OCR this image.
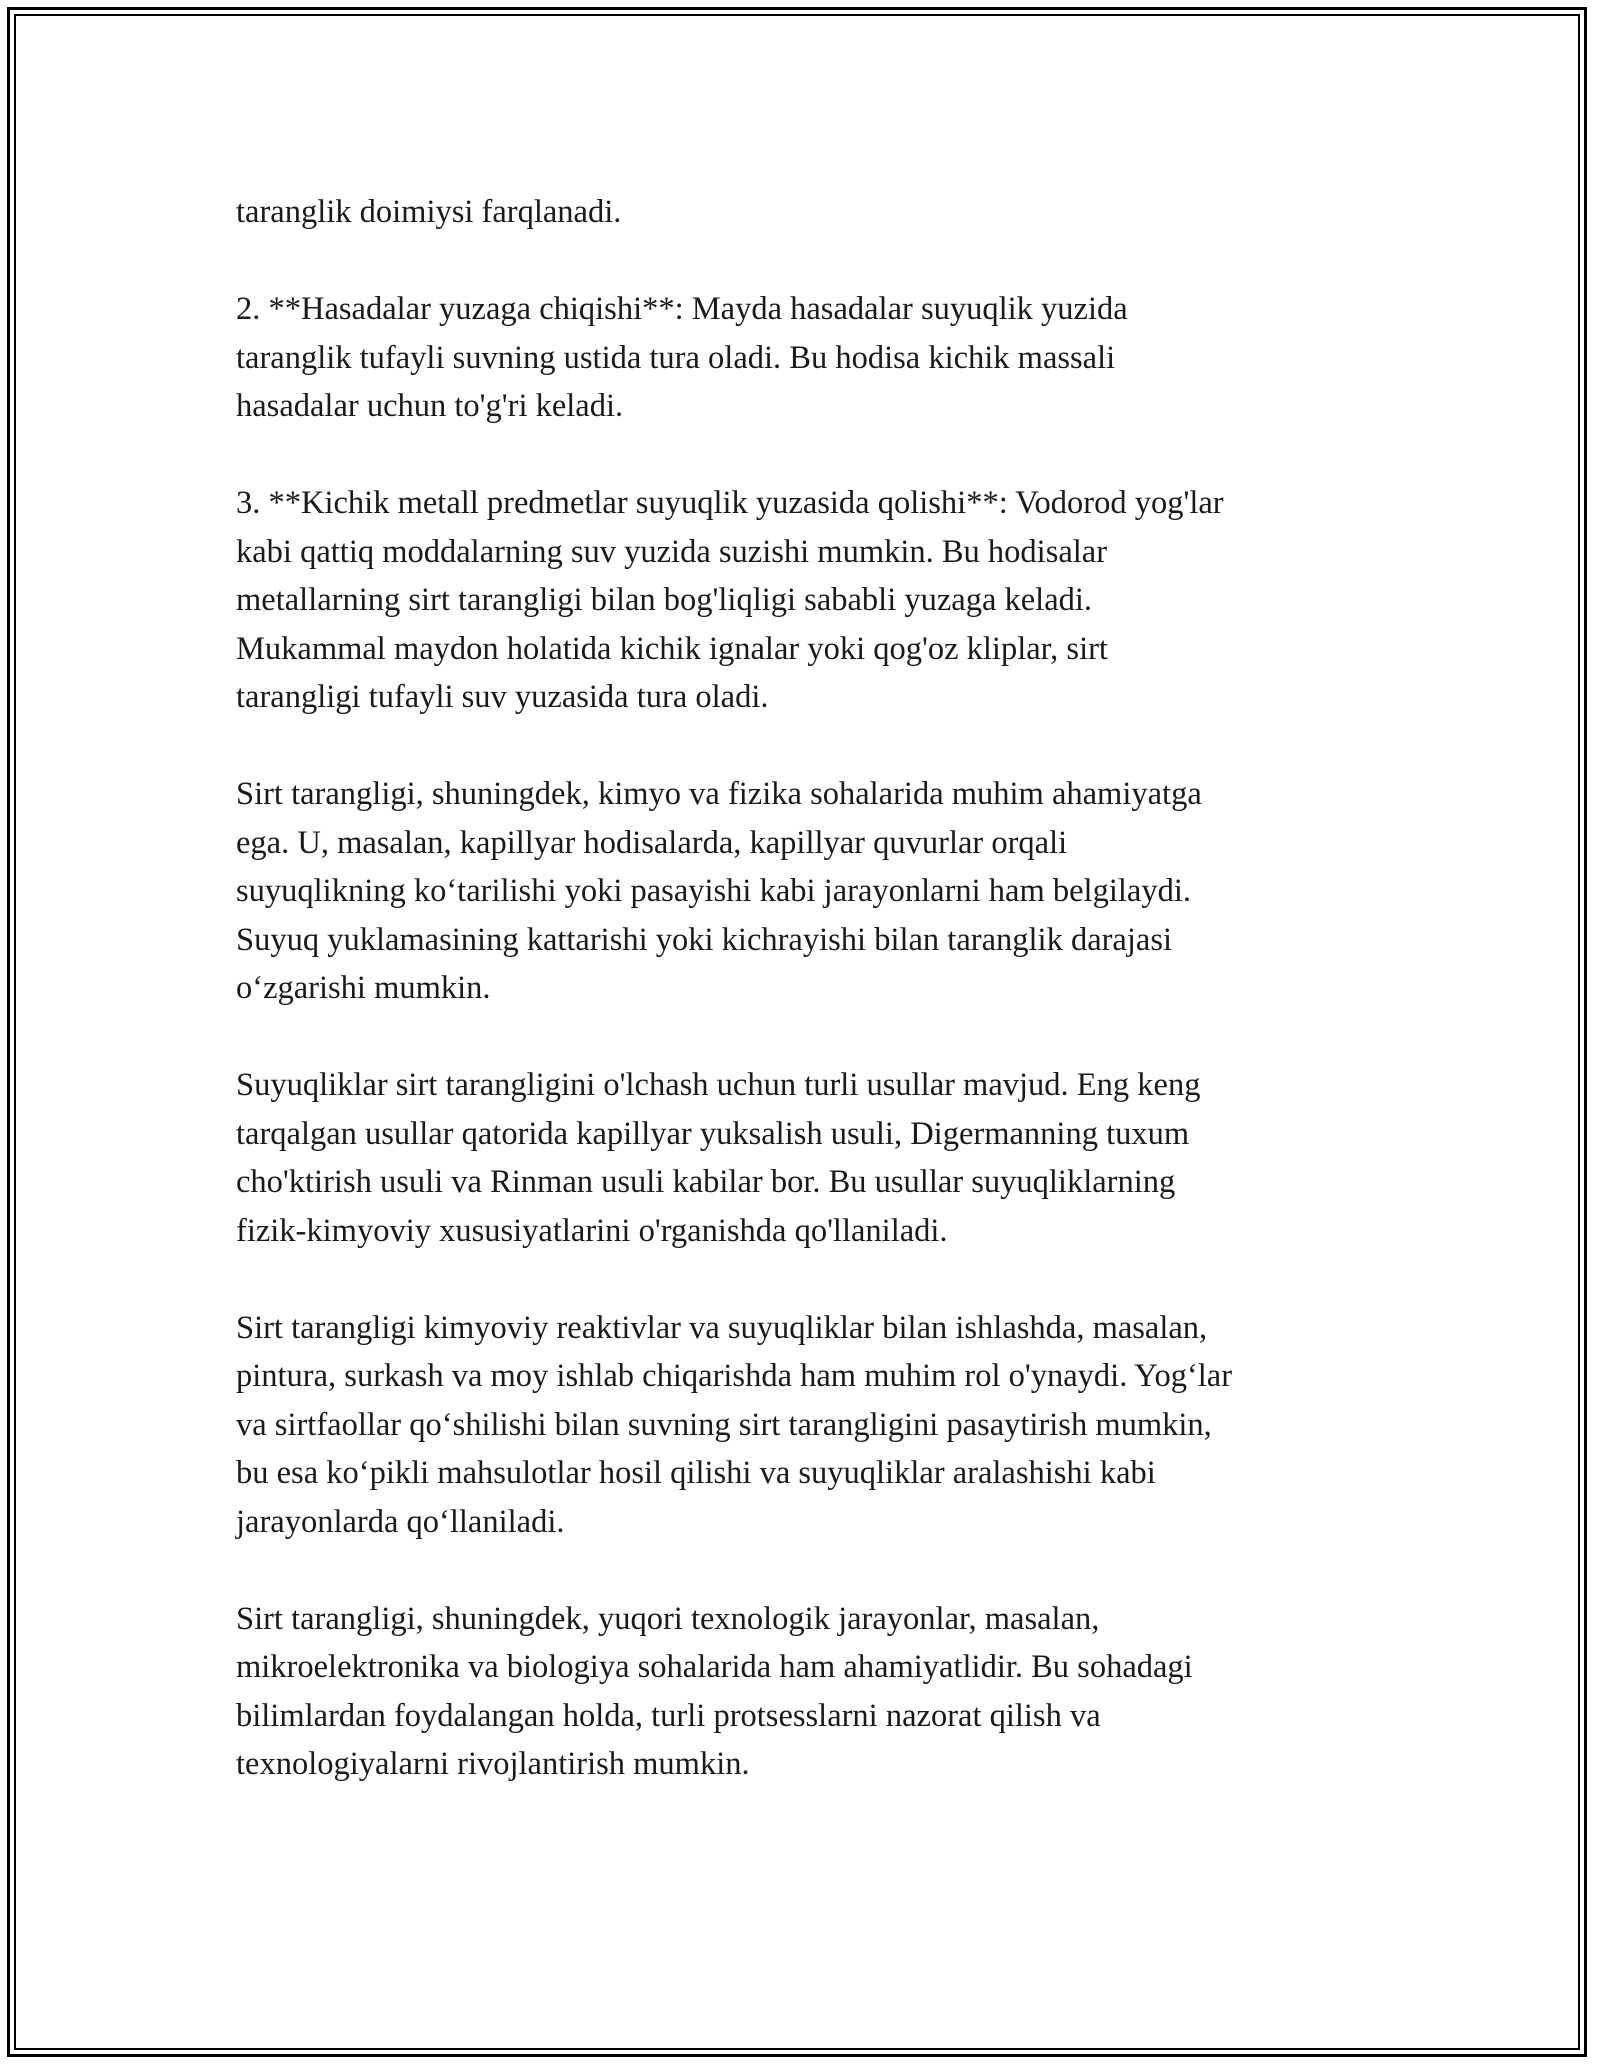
taranglik doimiysi farqlanadi.

2. **Hasadalar yuzaga chiqishi**: Mayda hasadalar suyuqlik yuzida
taranglik tufayli suvning ustida tura oladi. Bu hodisa kichik massali
hasadalar uchun to'g'ri keladi.

3. **Kichik metall predmetlar suyuqlik yuzasida qolishi**: Vodorod yog'lar
kabi qattiq moddalarning suv yuzida suzishi mumkin. Bu hodisalar
metallarning sirt tarangligi bilan bog'liqligi sababli yuzaga keladi.
Mukammal maydon holatida kichik ignalar yoki qog'oz kliplar, sirt
tarangligi tufayli suv yuzasida tura oladi.

Sirt tarangligi, shuningdek, kimyo va fizika sohalarida muhim ahamiyatga
ega. U, masalan, kapillyar hodisalarda, kapillyar quvurlar orqali
suyuqlikning ko‘tarilishi yoki pasayishi kabi jarayonlarni ham belgilaydi.
Suyuq yuklamasining kattarishi yoki kichrayishi bilan taranglik darajasi
o‘zgarishi mumkin.

Suyuqliklar sirt tarangligini o'lchash uchun turli usullar mavjud. Eng keng
tarqalgan usullar qatorida kapillyar yuksalish usuli, Digermanning tuxum
cho'ktirish usuli va Rinman usuli kabilar bor. Bu usullar suyuqliklarning
fizik-kimyoviy xususiyatlarini o'rganishda qo'llaniladi.

Sirt tarangligi kimyoviy reaktivlar va suyuqliklar bilan ishlashda, masalan,
pintura, surkash va moy ishlab chiqarishda ham muhim rol o'ynaydi. Yog‘lar
va sirtfaollar qo‘shilishi bilan suvning sirt tarangligini pasaytirish mumkin,
bu esa ko‘pikli mahsulotlar hosil qilishi va suyuqliklar aralashishi kabi
jarayonlarda qo‘llaniladi.

Sirt tarangligi, shuningdek, yuqori texnologik jarayonlar, masalan,
mikroelektronika va biologiya sohalarida ham ahamiyatlidir. Bu sohadagi
bilimlardan foydalangan holda, turli protsesslarni nazorat qilish va
texnologiyalarni rivojlantirish mumkin.
